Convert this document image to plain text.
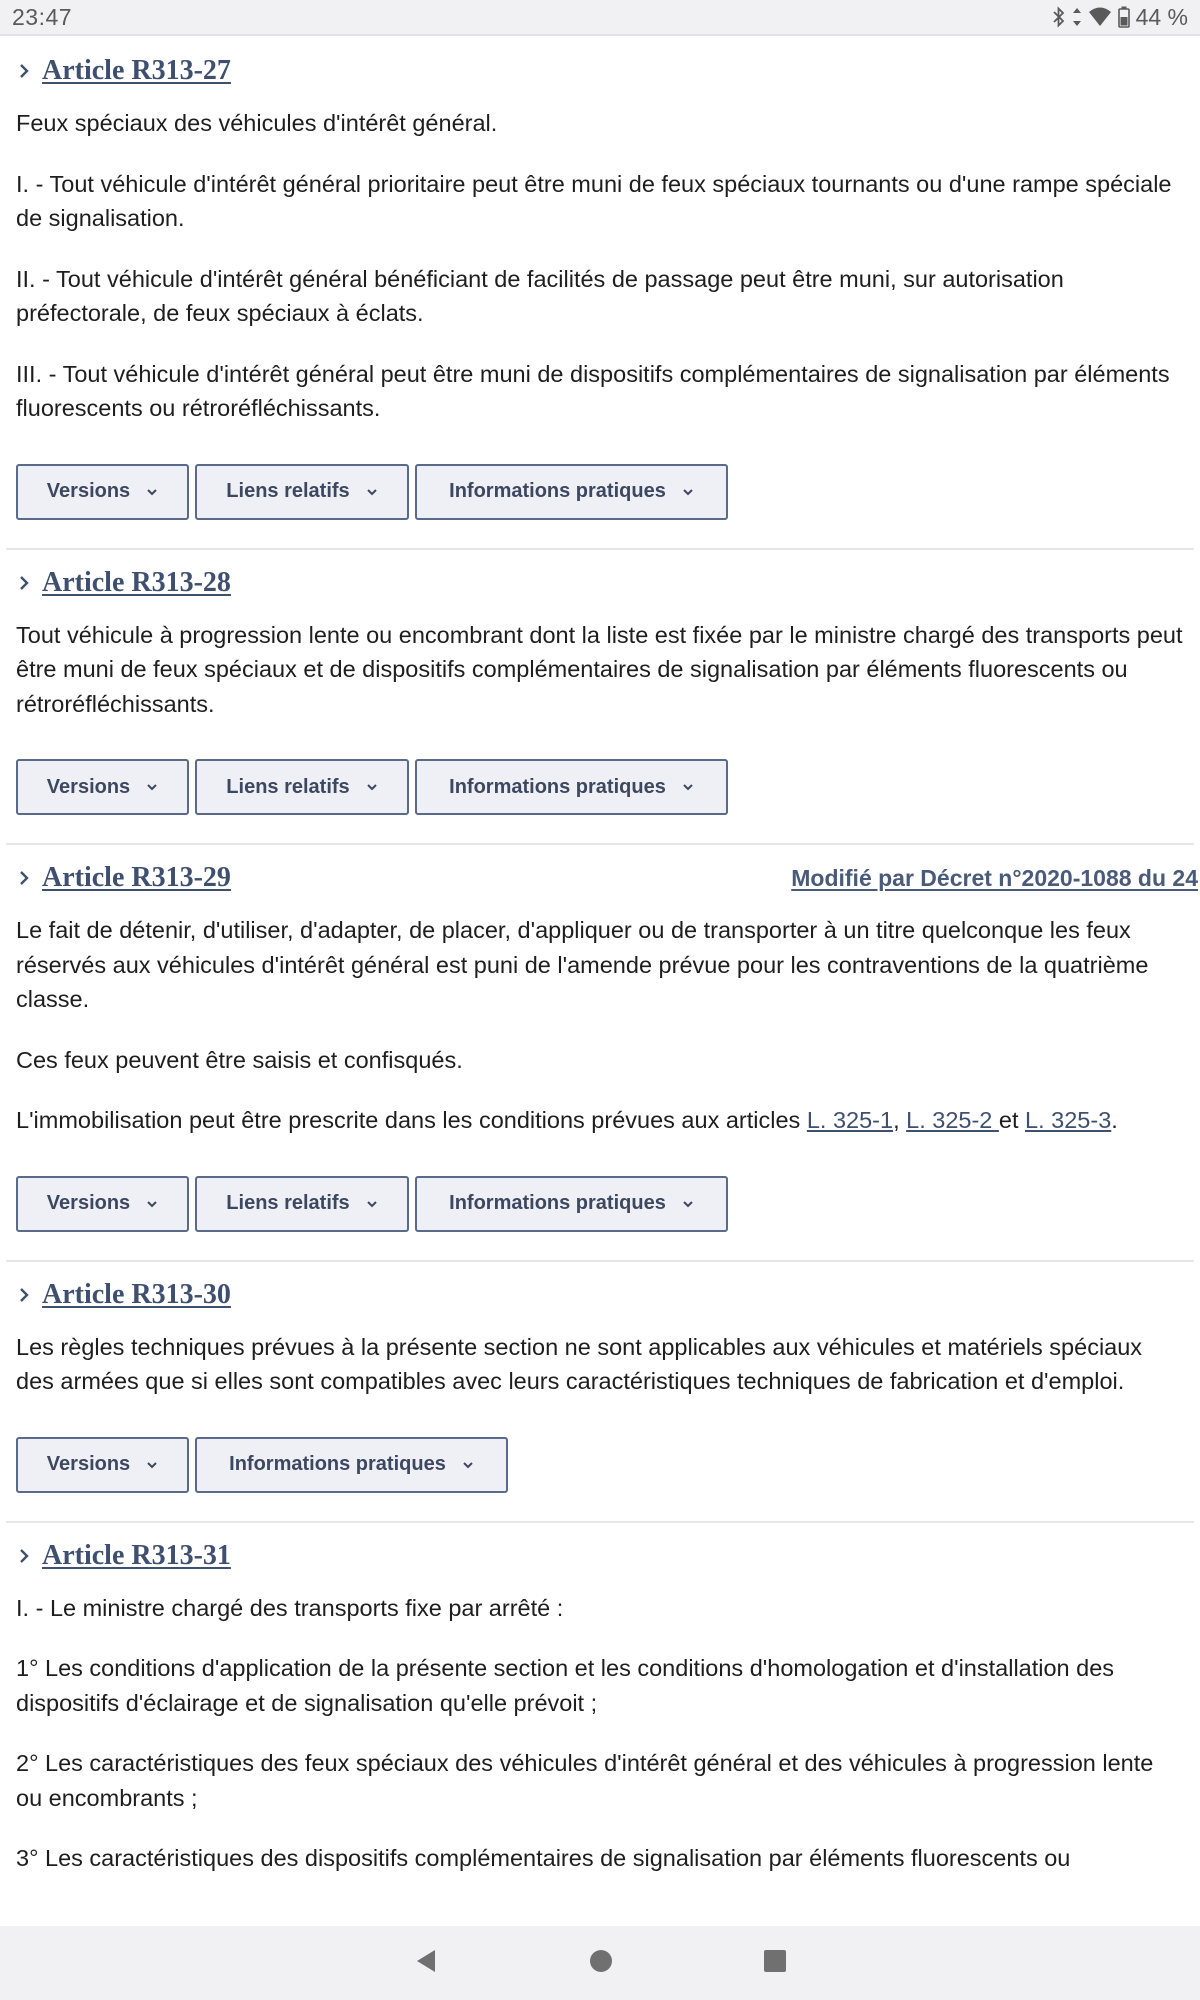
23:47	44 %
Article R313-27

Feux spéciaux des véhicules d'intérêt général.

I. - Tout véhicule d'intérêt général prioritaire peut être muni de feux spéciaux tournants ou d'une rampe spéciale de signalisation.

II. - Tout véhicule d'intérêt général bénéficiant de facilités de passage peut être muni, sur autorisation préfectorale, de feux spéciaux à éclats.

III. - Tout véhicule d'intérêt général peut être muni de dispositifs complémentaires de signalisation par éléments fluorescents ou rétroréfléchissants.

Versions	Liens relatifs	Informations pratiques
Article R313-28

Tout véhicule à progression lente ou encombrant dont la liste est fixée par le ministre chargé des transports peut être muni de feux spéciaux et de dispositifs complémentaires de signalisation par éléments fluorescents ou rétroréfléchissants.

Versions	Liens relatifs	Informations pratiques
Article R313-29	Modifié par Décret n°2020-1088 du 24

Le fait de détenir, d'utiliser, d'adapter, de placer, d'appliquer ou de transporter à un titre quelconque les feux réservés aux véhicules d'intérêt général est puni de l'amende prévue pour les contraventions de la quatrième classe.

Ces feux peuvent être saisis et confisqués.

L'immobilisation peut être prescrite dans les conditions prévues aux articles L. 325-1, L. 325-2 et L. 325-3.

Versions	Liens relatifs	Informations pratiques
Article R313-30

Les règles techniques prévues à la présente section ne sont applicables aux véhicules et matériels spéciaux des armées que si elles sont compatibles avec leurs caractéristiques techniques de fabrication et d'emploi.

Versions	Informations pratiques
Article R313-31

I. - Le ministre chargé des transports fixe par arrêté :

1° Les conditions d'application de la présente section et les conditions d'homologation et d'installation des dispositifs d'éclairage et de signalisation qu'elle prévoit ;

2° Les caractéristiques des feux spéciaux des véhicules d'intérêt général et des véhicules à progression lente ou encombrants ;

3° Les caractéristiques des dispositifs complémentaires de signalisation par éléments fluorescents ou
